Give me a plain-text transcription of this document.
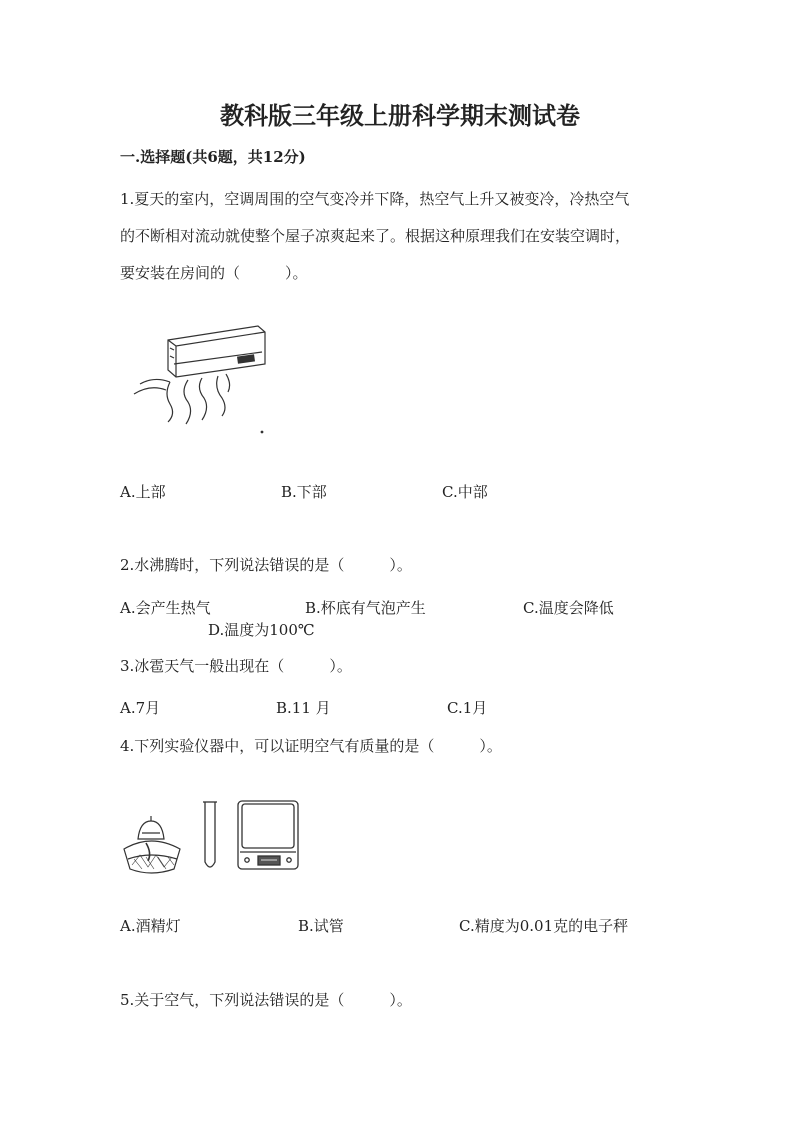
教科版三年级上册科学期末测试卷
一.选择题(共6题，共12分)
1.夏天的室内，空调周围的空气变冷并下降，热空气上升又被变冷，冷热空气
的不断相对流动就使整个屋子凉爽起来了。根据这种原理我们在安装空调时，
要安装在房间的（　　　）。
A.上部	B.下部	C.中部
2.水沸腾时，下列说法错误的是（　　　）。
A.会产生热气	B.杯底有气泡产生	C.温度会降低
D.温度为100℃
3.冰雹天气一般出现在（　　　）。
A.7月	B.11 月	C.1月
4.下列实验仪器中，可以证明空气有质量的是（　　　）。
A.酒精灯	B.试管	C.精度为0.01克的电子秤
5.关于空气，下列说法错误的是（　　　）。
